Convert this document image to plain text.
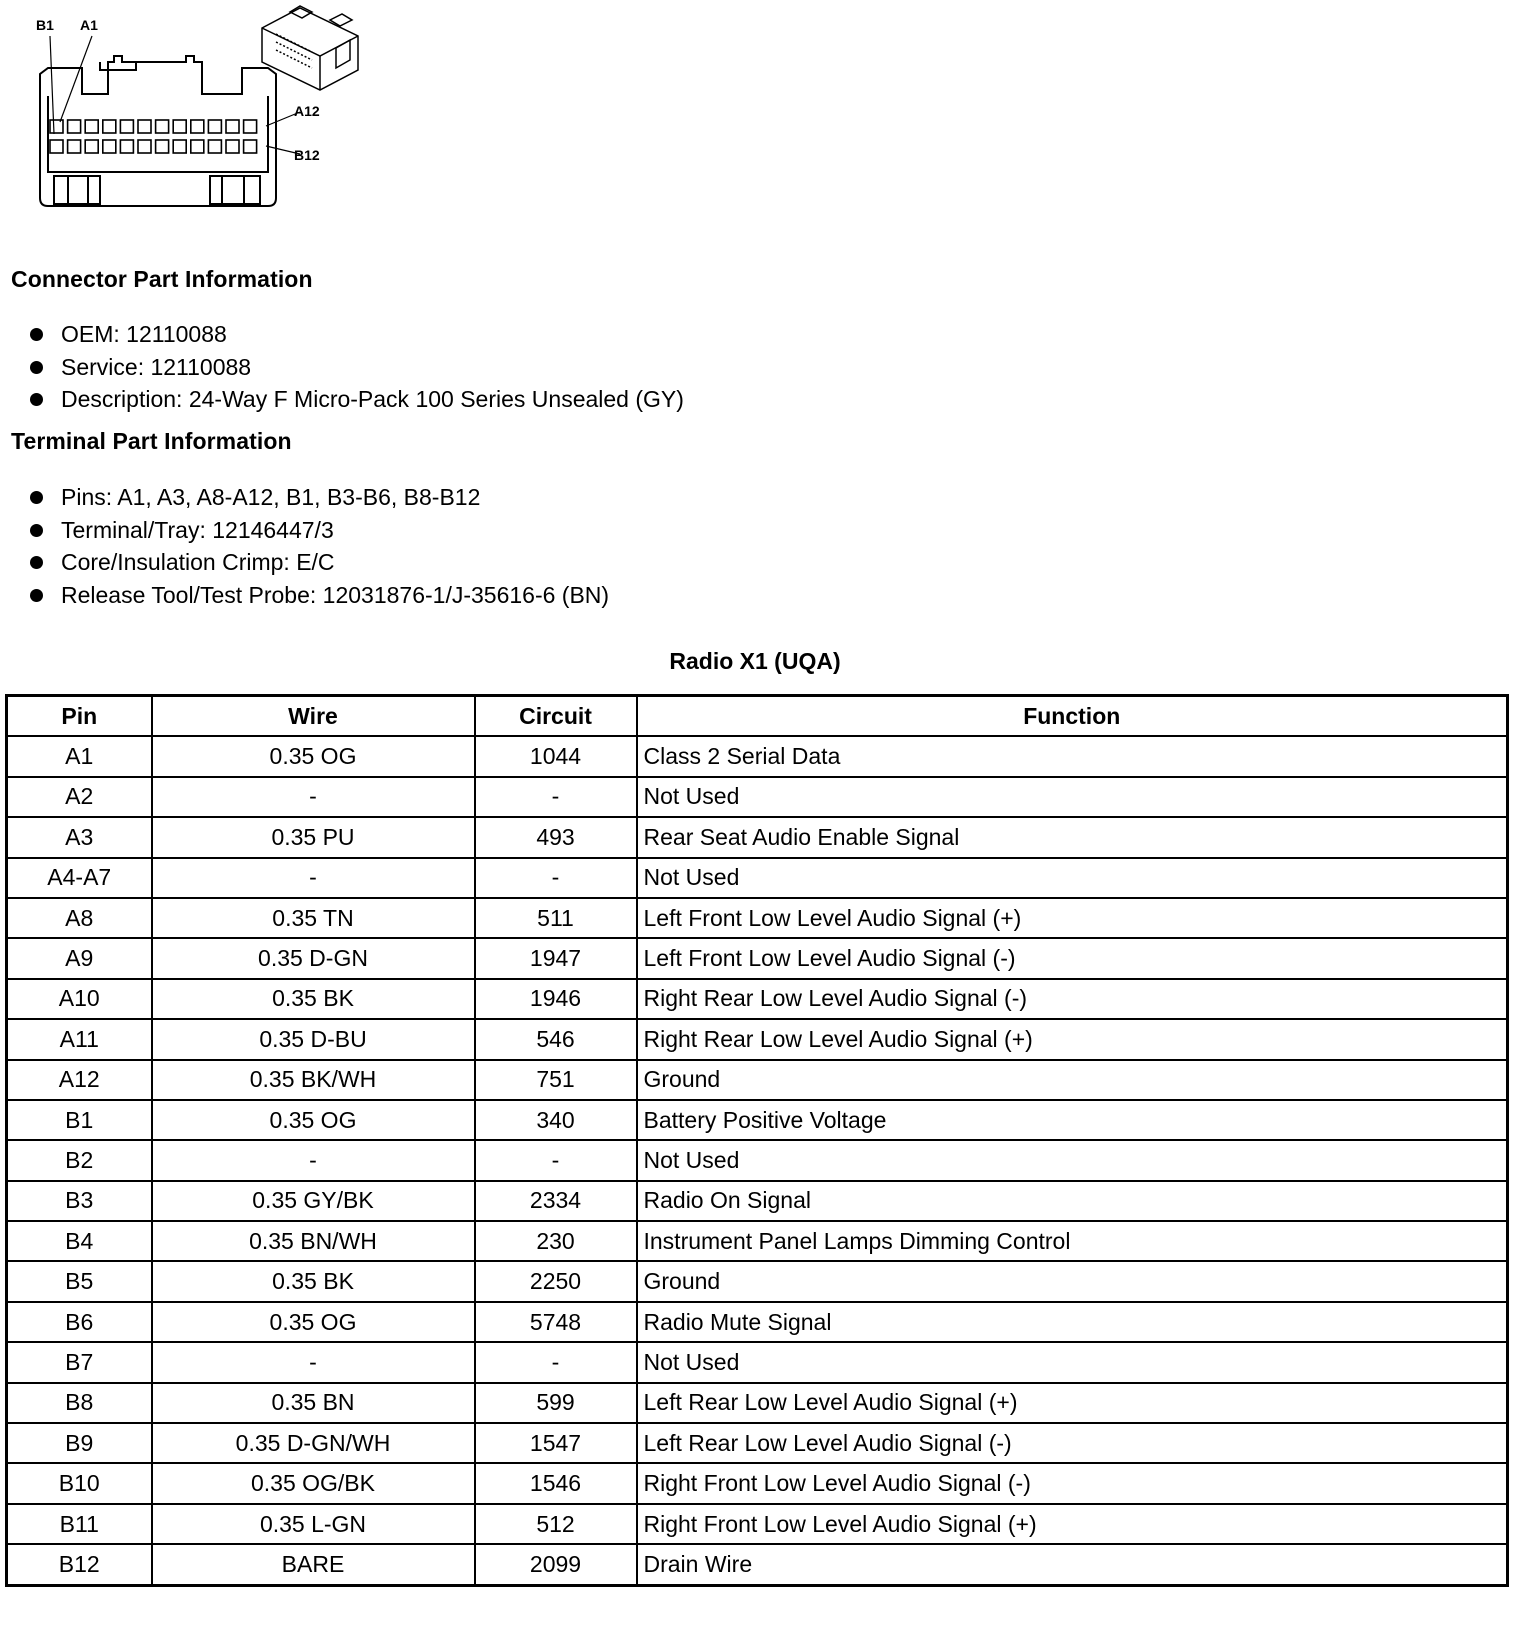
B1 A1
A12
B12
Connector Part Information
OEM: 12110088
Service: 12110088
Description: 24-Way F Micro-Pack 100 Series Unsealed (GY)
Terminal Part Information
Pins: A1, A3, A8-A12, B1, B3-B6, B8-B12
Terminal/Tray: 12146447/3
Core/Insulation Crimp: E/C
Release Tool/Test Probe: 12031876-1/J-35616-6 (BN)
Radio X1 (UQA)
Pin	Wire	Circuit	Function
A1	0.35 OG	1044	Class 2 Serial Data
A2	-	-	Not Used
A3	0.35 PU	493	Rear Seat Audio Enable Signal
A4-A7	-	-	Not Used
A8	0.35 TN	511	Left Front Low Level Audio Signal (+)
A9	0.35 D-GN	1947	Left Front Low Level Audio Signal (-)
A10	0.35 BK	1946	Right Rear Low Level Audio Signal (-)
A11	0.35 D-BU	546	Right Rear Low Level Audio Signal (+)
A12	0.35 BK/WH	751	Ground
B1	0.35 OG	340	Battery Positive Voltage
B2	-	-	Not Used
B3	0.35 GY/BK	2334	Radio On Signal
B4	0.35 BN/WH	230	Instrument Panel Lamps Dimming Control
B5	0.35 BK	2250	Ground
B6	0.35 OG	5748	Radio Mute Signal
B7	-	-	Not Used
B8	0.35 BN	599	Left Rear Low Level Audio Signal (+)
B9	0.35 D-GN/WH	1547	Left Rear Low Level Audio Signal (-)
B10	0.35 OG/BK	1546	Right Front Low Level Audio Signal (-)
B11	0.35 L-GN	512	Right Front Low Level Audio Signal (+)
B12	BARE	2099	Drain Wire
